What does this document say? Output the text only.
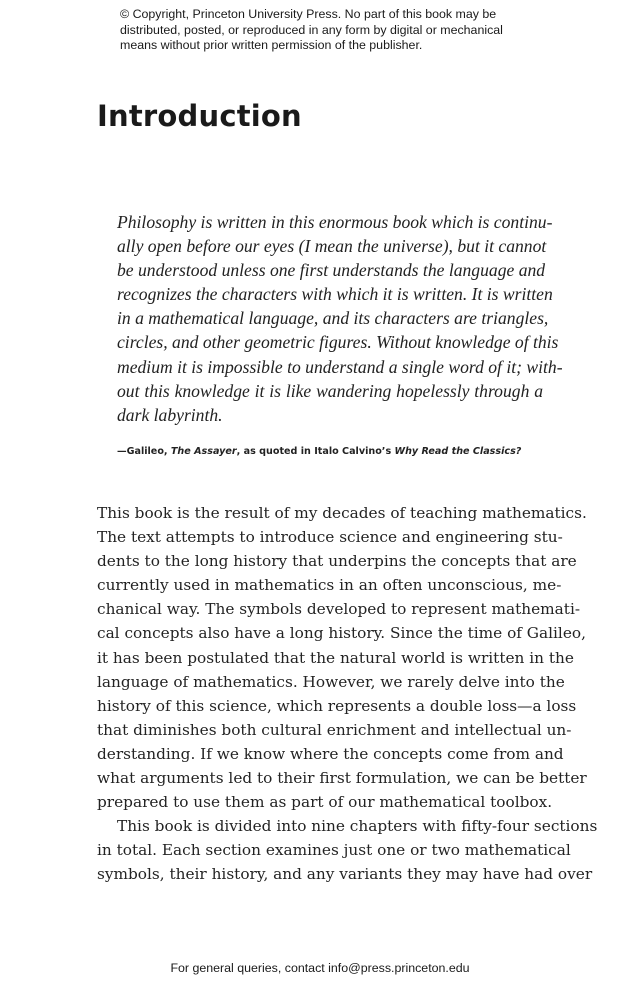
© Copyright, Princeton University Press. No part of this book may be
distributed, posted, or reproduced in any form by digital or mechanical
means without prior written permission of the publisher.
Introduction
Philosophy is written in this enormous book which is continu-
ally open before our eyes (I mean the universe), but it cannot
be understood unless one first understands the language and
recognizes the characters with which it is written. It is written
in a mathematical language, and its characters are triangles,
circles, and other geometric figures. Without knowledge of this
medium it is impossible to understand a single word of it; with-
out this knowledge it is like wandering hopelessly through a
dark labyrinth.
—Galileo, The Assayer, as quoted in Italo Calvino’s Why Read the Classics?
This book is the result of my decades of teaching mathematics.
The text attempts to introduce science and engineering stu-
dents to the long history that underpins the concepts that are
currently used in mathematics in an often unconscious, me-
chanical way. The symbols developed to represent mathemati-
cal concepts also have a long history. Since the time of Galileo,
it has been postulated that the natural world is written in the
language of mathematics. However, we rarely delve into the
history of this science, which represents a double loss—a loss
that diminishes both cultural enrichment and intellectual un-
derstanding. If we know where the concepts come from and
what arguments led to their first formulation, we can be better
prepared to use them as part of our mathematical toolbox.
This book is divided into nine chapters with fifty-four sections
in total. Each section examines just one or two mathematical
symbols, their history, and any variants they may have had over
For general queries, contact info@press.princeton.edu
